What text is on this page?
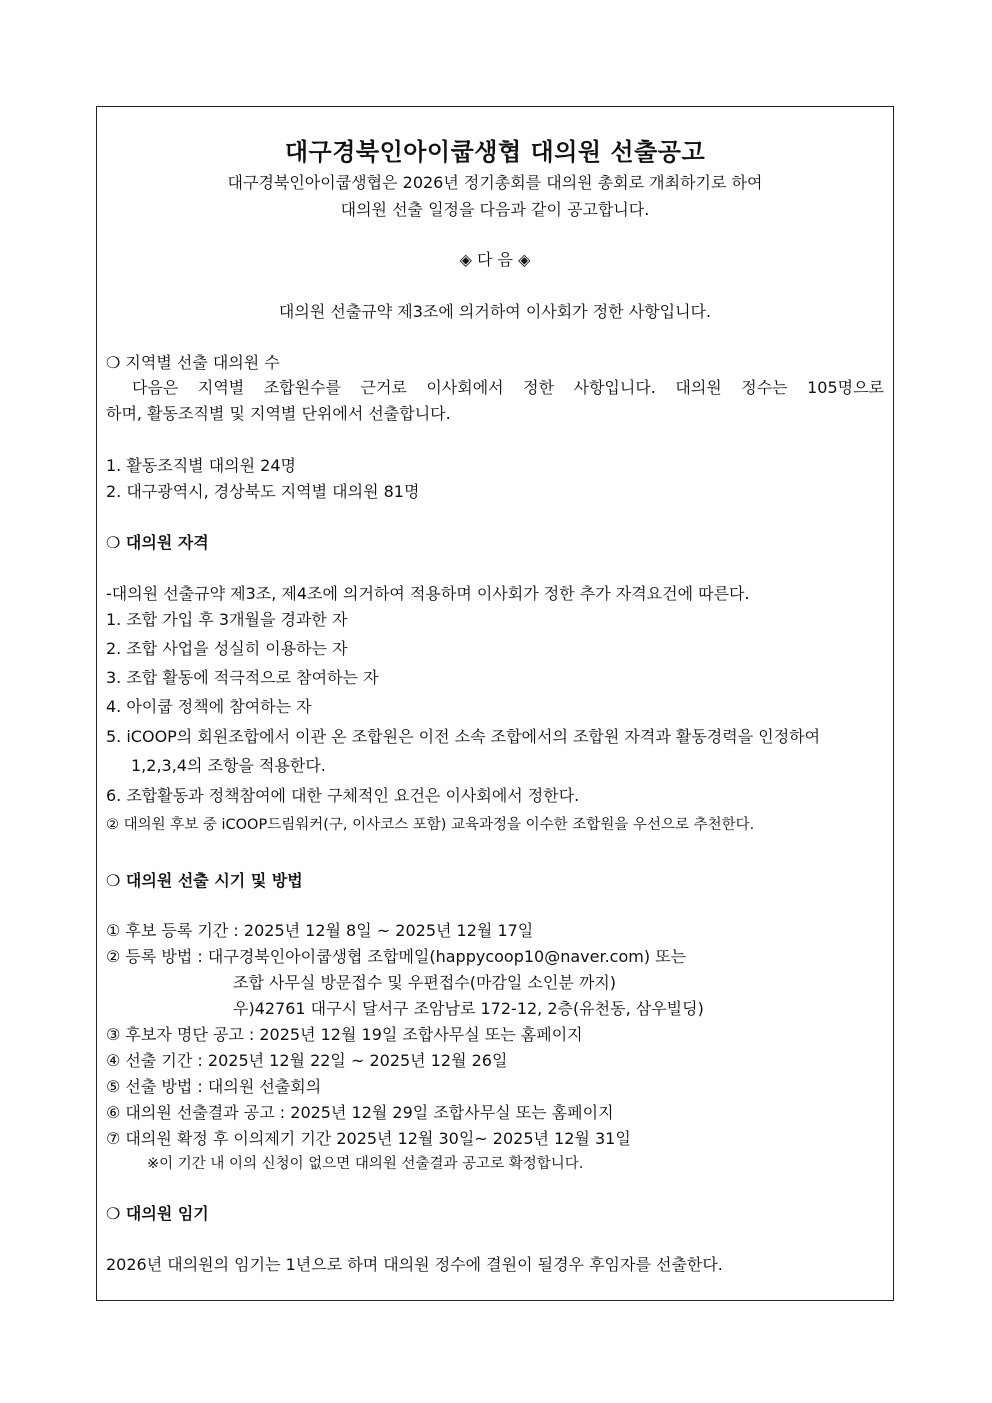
대구경북인아이쿱생협 대의원 선출공고
대구경북인아이쿱생협은 2026년 정기총회를 대의원 총회로 개최하기로 하여
대의원 선출 일정을 다음과 같이 공고합니다.
◈ 다 음 ◈
대의원 선출규약 제3조에 의거하여 이사회가 정한 사항입니다.
❍ 지역별 선출 대의원 수
다음은 지역별 조합원수를 근거로 이사회에서 정한 사항입니다. 대의원 정수는 105명으로
하며, 활동조직별 및 지역별 단위에서 선출합니다.
1. 활동조직별 대의원 24명
2. 대구광역시, 경상북도 지역별 대의원 81명
❍ 대의원 자격
-대의원 선출규약 제3조, 제4조에 의거하여 적용하며 이사회가 정한 추가 자격요건에 따른다.
1. 조합 가입 후 3개월을 경과한 자
2. 조합 사업을 성실히 이용하는 자
3. 조합 활동에 적극적으로 참여하는 자
4. 아이쿱 정책에 참여하는 자
5. iCOOP의 회원조합에서 이관 온 조합원은 이전 소속 조합에서의 조합원 자격과 활동경력을 인정하여
1,2,3,4의 조항을 적용한다.
6. 조합활동과 정책참여에 대한 구체적인 요건은 이사회에서 정한다.
② 대의원 후보 중 iCOOP드림워커(구, 이사코스 포함) 교육과정을 이수한 조합원을 우선으로 추천한다.
❍ 대의원 선출 시기 및 방법
① 후보 등록 기간 : 2025년 12월 8일 ~ 2025년 12월 17일
② 등록 방법 : 대구경북인아이쿱생협 조합메일(happycoop10@naver.com) 또는
조합 사무실 방문접수 및 우편접수(마감일 소인분 까지)
우)42761 대구시 달서구 조암남로 172-12, 2층(유천동, 삼우빌딩)
③ 후보자 명단 공고 : 2025년 12월 19일 조합사무실 또는 홈페이지
④ 선출 기간 : 2025년 12월 22일 ~ 2025년 12월 26일
⑤ 선출 방법 : 대의원 선출회의
⑥ 대의원 선출결과 공고 : 2025년 12월 29일 조합사무실 또는 홈페이지
⑦ 대의원 확정 후 이의제기 기간 2025년 12월 30일~ 2025년 12월 31일
※이 기간 내 이의 신청이 없으면 대의원 선출결과 공고로 확정합니다.
❍ 대의원 임기
2026년 대의원의 임기는 1년으로 하며 대의원 정수에 결원이 될경우 후임자를 선출한다.
